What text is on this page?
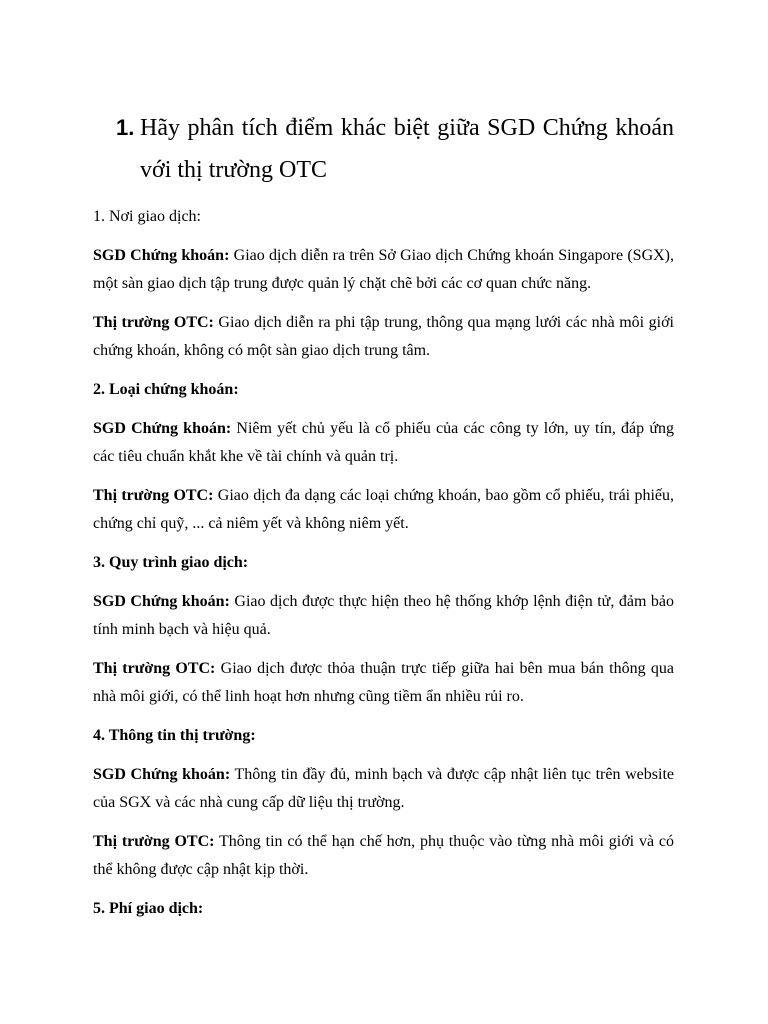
1. Hãy phân tích điểm khác biệt giữa SGD Chứng khoán với thị trường OTC
1. Nơi giao dịch:

SGD Chứng khoán: Giao dịch diễn ra trên Sở Giao dịch Chứng khoán Singapore (SGX), một sàn giao dịch tập trung được quản lý chặt chẽ bởi các cơ quan chức năng.

Thị trường OTC: Giao dịch diễn ra phi tập trung, thông qua mạng lưới các nhà môi giới chứng khoán, không có một sàn giao dịch trung tâm.

2. Loại chứng khoán:

SGD Chứng khoán: Niêm yết chủ yếu là cổ phiếu của các công ty lớn, uy tín, đáp ứng các tiêu chuẩn khắt khe về tài chính và quản trị.

Thị trường OTC: Giao dịch đa dạng các loại chứng khoán, bao gồm cổ phiếu, trái phiếu, chứng chỉ quỹ, ... cả niêm yết và không niêm yết.

3. Quy trình giao dịch:

SGD Chứng khoán: Giao dịch được thực hiện theo hệ thống khớp lệnh điện tử, đảm bảo tính minh bạch và hiệu quả.

Thị trường OTC: Giao dịch được thỏa thuận trực tiếp giữa hai bên mua bán thông qua nhà môi giới, có thể linh hoạt hơn nhưng cũng tiềm ẩn nhiều rủi ro.

4. Thông tin thị trường:

SGD Chứng khoán: Thông tin đầy đủ, minh bạch và được cập nhật liên tục trên website của SGX và các nhà cung cấp dữ liệu thị trường.

Thị trường OTC: Thông tin có thể hạn chế hơn, phụ thuộc vào từng nhà môi giới và có thể không được cập nhật kịp thời.

5. Phí giao dịch:
